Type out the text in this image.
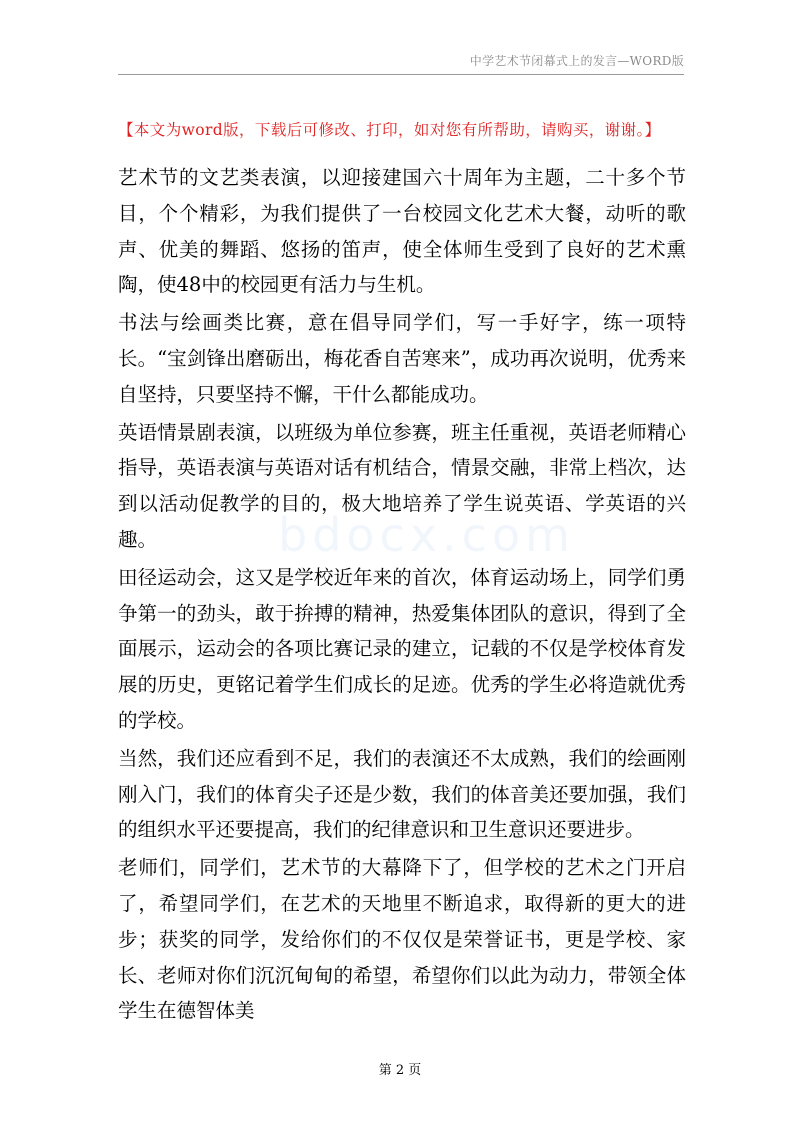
中学艺术节闭幕式上的发言—WORD版
【本文为word版，下载后可修改、打印，如对您有所帮助，请购买，谢谢。】

艺术节的文艺类表演，以迎接建国六十周年为主题，二十多个节目，个个精彩，为我们提供了一台校园文化艺术大餐，动听的歌声、优美的舞蹈、悠扬的笛声，使全体师生受到了良好的艺术熏陶，使48中的校园更有活力与生机。

书法与绘画类比赛，意在倡导同学们，写一手好字，练一项特长。“宝剑锋出磨砺出，梅花香自苦寒来”，成功再次说明，优秀来自坚持，只要坚持不懈，干什么都能成功。

英语情景剧表演，以班级为单位参赛，班主任重视，英语老师精心指导，英语表演与英语对话有机结合，情景交融，非常上档次，达到以活动促教学的目的，极大地培养了学生说英语、学英语的兴趣。

田径运动会，这又是学校近年来的首次，体育运动场上，同学们勇争第一的劲头，敢于拚搏的精神，热爱集体团队的意识，得到了全面展示，运动会的各项比赛记录的建立，记载的不仅是学校体育发展的历史，更铭记着学生们成长的足迹。优秀的学生必将造就优秀的学校。

当然，我们还应看到不足，我们的表演还不太成熟，我们的绘画刚刚入门，我们的体育尖子还是少数，我们的体音美还要加强，我们的组织水平还要提高，我们的纪律意识和卫生意识还要进步。

老师们，同学们，艺术节的大幕降下了，但学校的艺术之门开启了，希望同学们，在艺术的天地里不断追求，取得新的更大的进步；获奖的同学，发给你们的不仅仅是荣誉证书，更是学校、家长、老师对你们沉沉甸甸的希望，希望你们以此为动力，带领全体学生在德智体美

bdocx.com
第 2 页
